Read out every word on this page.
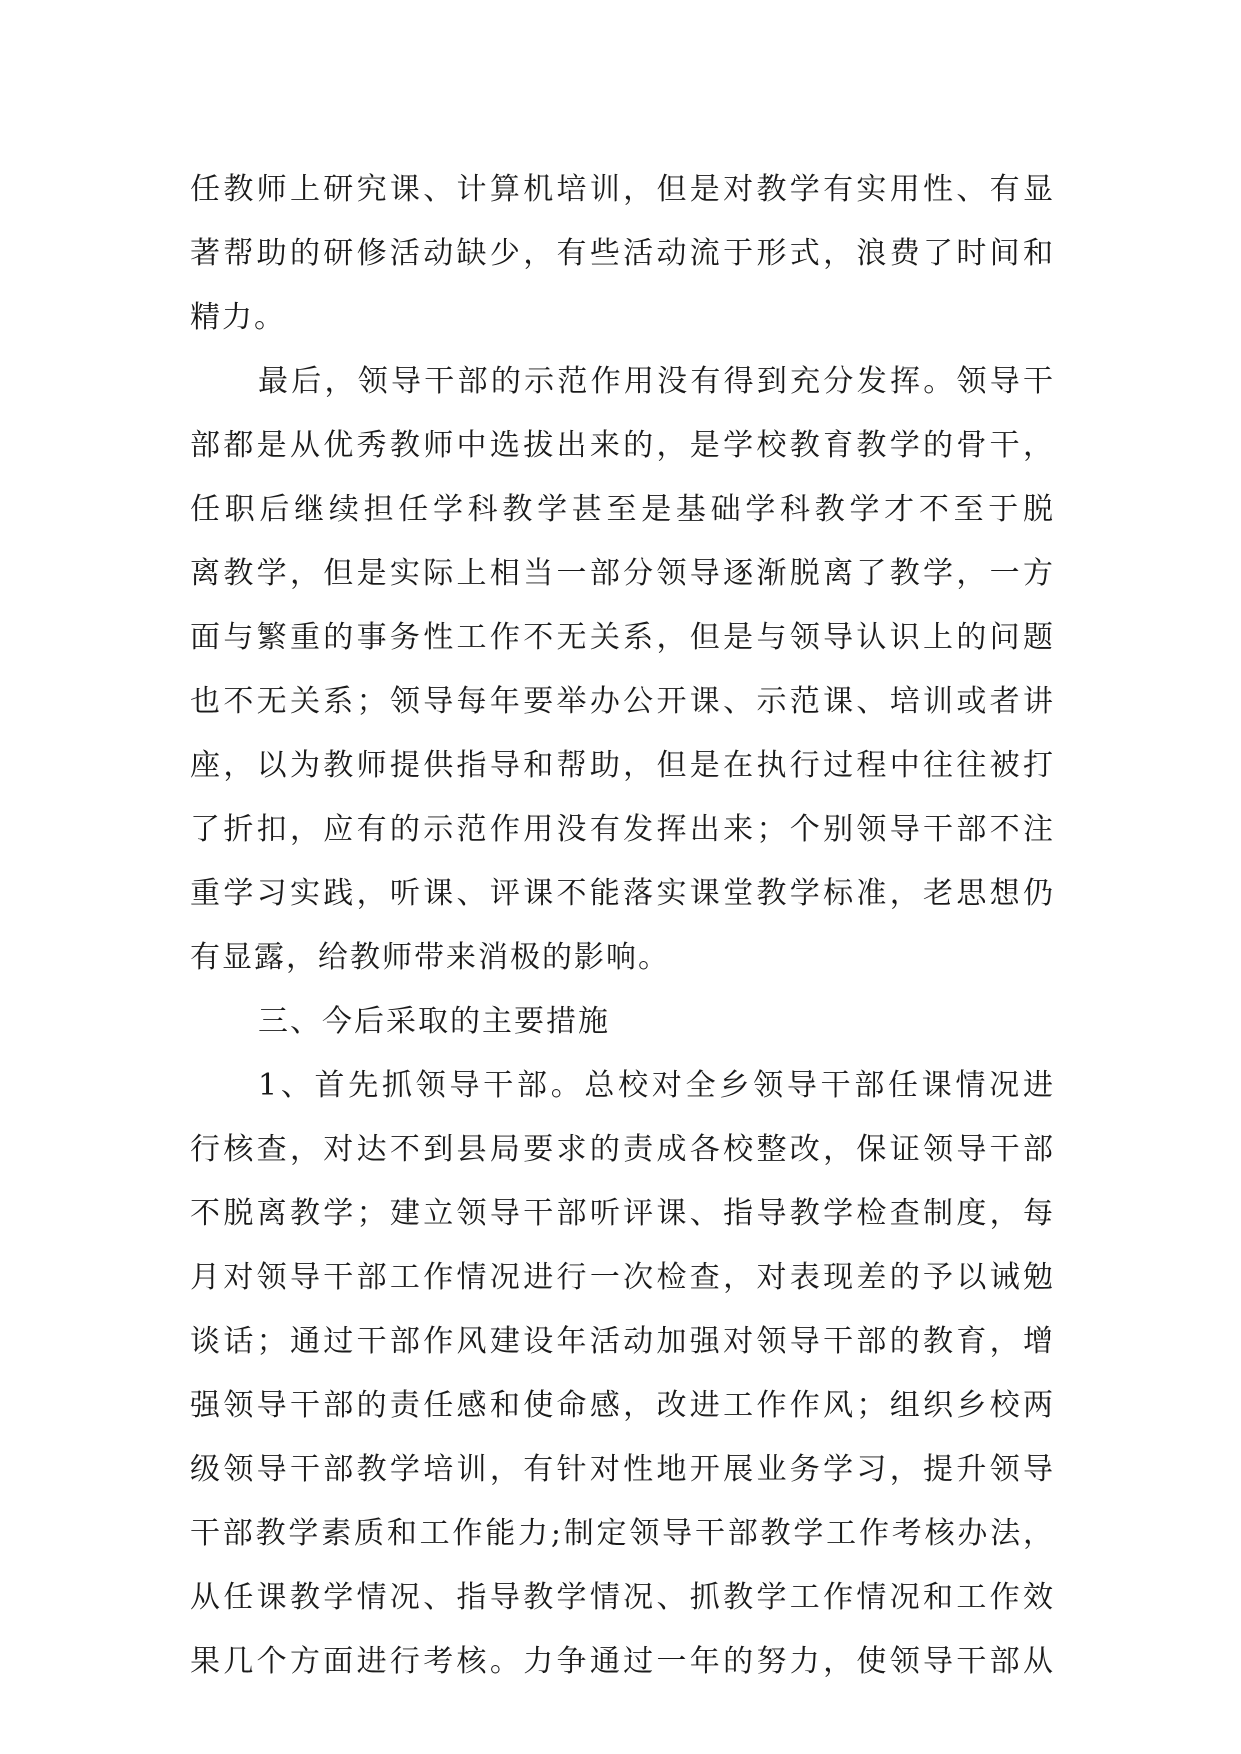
任教师上研究课、计算机培训，但是对教学有实用性、有显
著帮助的研修活动缺少，有些活动流于形式，浪费了时间和
精力。
最后，领导干部的示范作用没有得到充分发挥。领导干
部都是从优秀教师中选拔出来的，是学校教育教学的骨干，
任职后继续担任学科教学甚至是基础学科教学才不至于脱
离教学，但是实际上相当一部分领导逐渐脱离了教学，一方
面与繁重的事务性工作不无关系，但是与领导认识上的问题
也不无关系；领导每年要举办公开课、示范课、培训或者讲
座，以为教师提供指导和帮助，但是在执行过程中往往被打
了折扣，应有的示范作用没有发挥出来；个别领导干部不注
重学习实践，听课、评课不能落实课堂教学标准，老思想仍
有显露，给教师带来消极的影响。
三、今后采取的主要措施
1、首先抓领导干部。总校对全乡领导干部任课情况进
行核查，对达不到县局要求的责成各校整改，保证领导干部
不脱离教学；建立领导干部听评课、指导教学检查制度，每
月对领导干部工作情况进行一次检查，对表现差的予以诫勉
谈话；通过干部作风建设年活动加强对领导干部的教育，增
强领导干部的责任感和使命感，改进工作作风；组织乡校两
级领导干部教学培训，有针对性地开展业务学习，提升领导
干部教学素质和工作能力;制定领导干部教学工作考核办法，
从任课教学情况、指导教学情况、抓教学工作情况和工作效
果几个方面进行考核。力争通过一年的努力，使领导干部从
